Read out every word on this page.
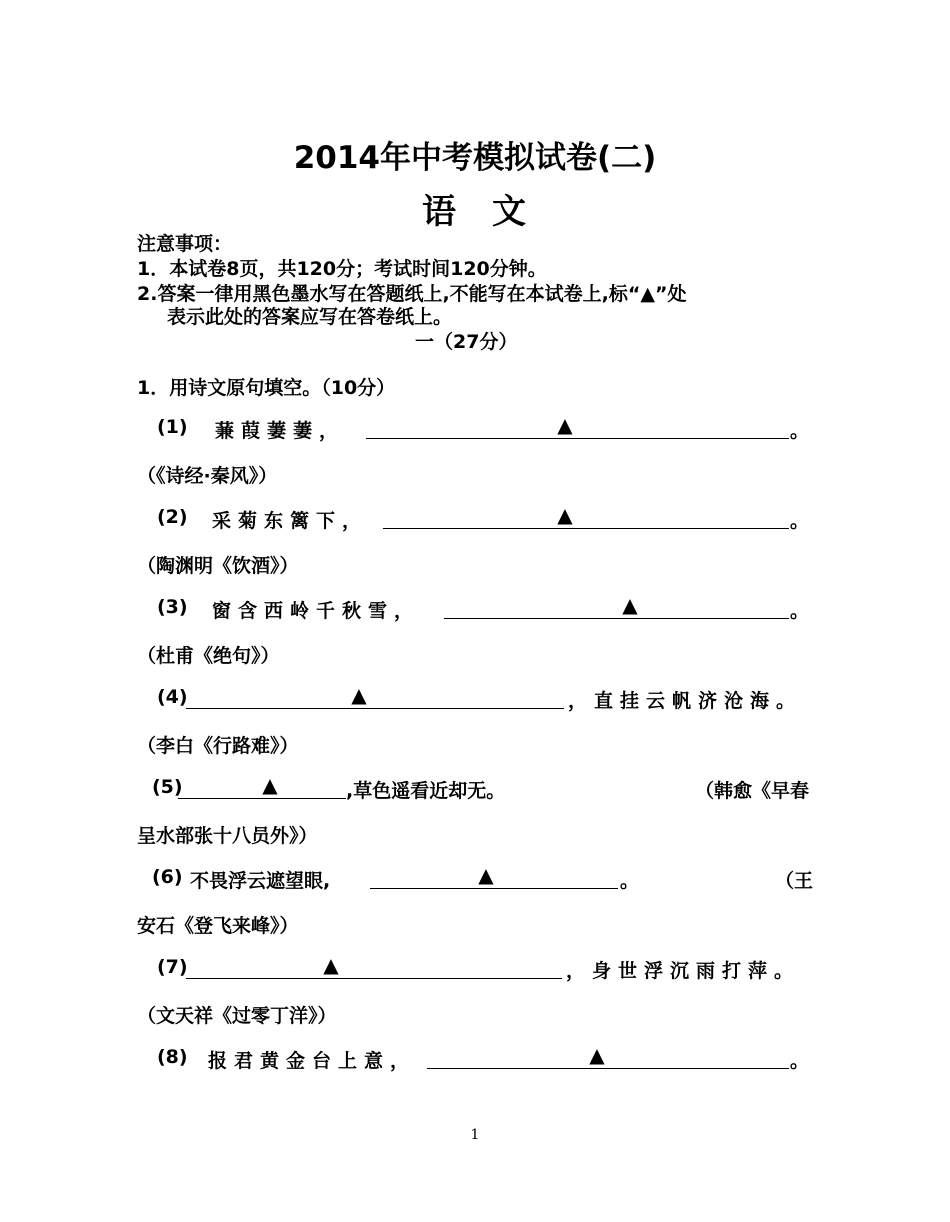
2014年中考模拟试卷(二)
语 文
注意事项：
1．本试卷8页，共120分；考试时间120分钟。
2.答案一律用黑色墨水写在答题纸上,不能写在本试卷上,标“▲”处
表示此处的答案应写在答卷纸上。
一（27分）
1．用诗文原句填空。（10分）
(1) 蒹葭萋萋，	▲	。
（《诗经·秦风》）
(2) 采菊东篱下，	▲	。
（陶渊明《饮酒》）
(3) 窗含西岭千秋雪，	▲	。
（杜甫《绝句》）
(4)	▲	，直挂云帆济沧海。
（李白《行路难》）
(5)	▲	,草色遥看近却无。	（韩愈《早春
呈水部张十八员外》）
(6) 不畏浮云遮望眼,	▲	。	（王
安石《登飞来峰》）
(7)	▲	，身世浮沉雨打萍。
（文天祥《过零丁洋》）
(8) 报君黄金台上意，	▲	。
1
